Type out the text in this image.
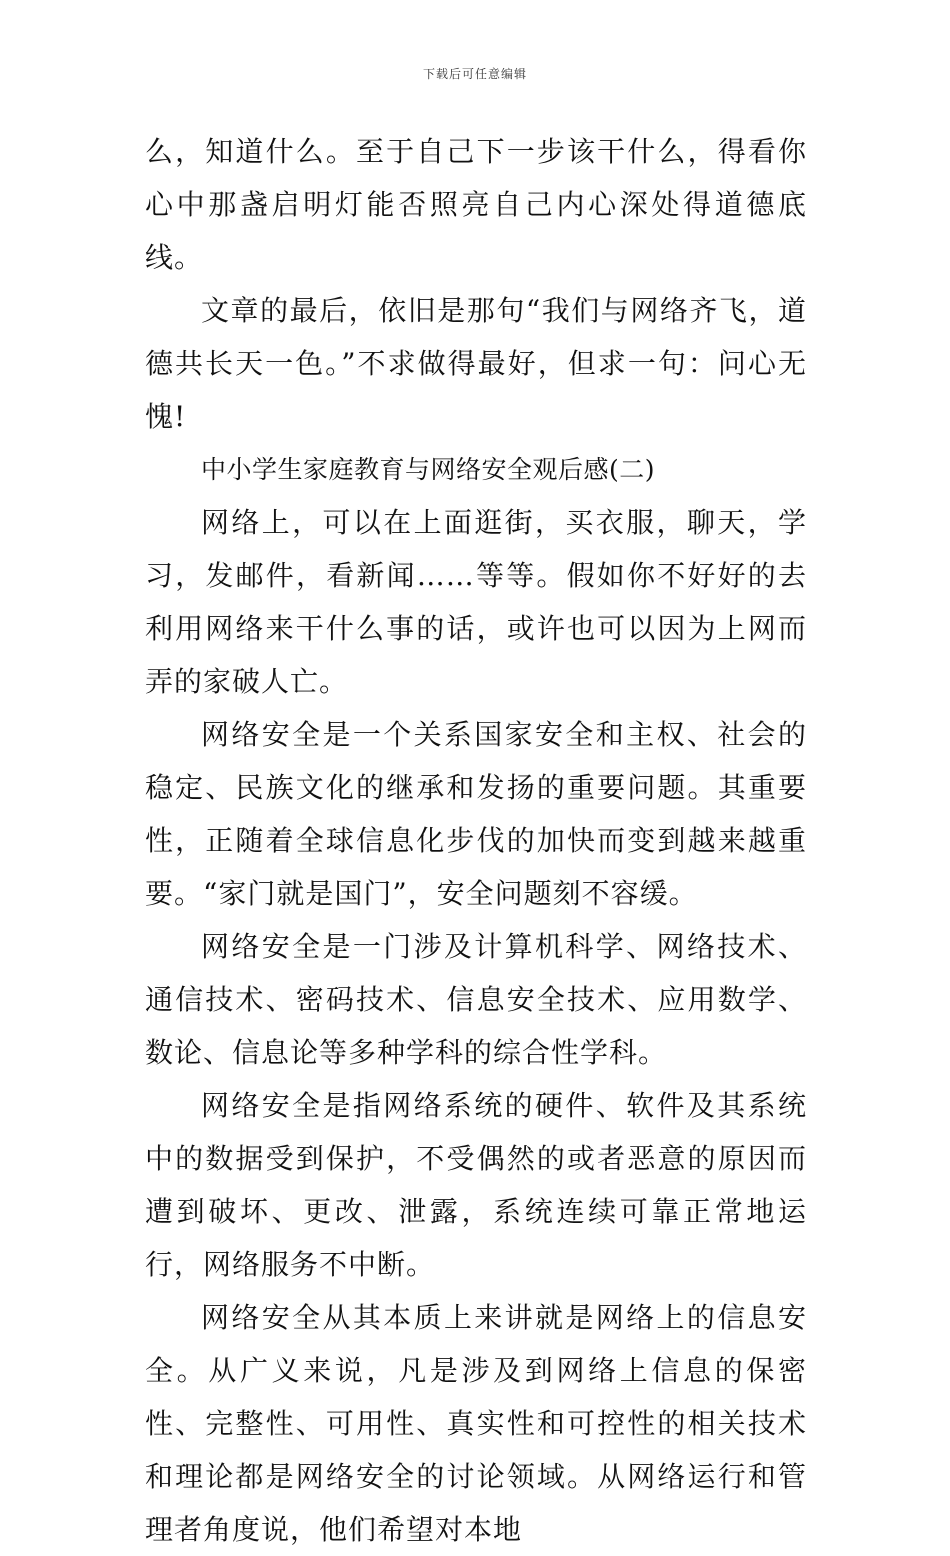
下载后可任意编辑

么，知道什么。至于自己下一步该干什么，得看你心中那盏启明灯能否照亮自己内心深处得道德底线。

文章的最后，依旧是那句“我们与网络齐飞，道德共长天一色。”不求做得最好，但求一句：问心无愧!

中小学生家庭教育与网络安全观后感(二)

网络上，可以在上面逛街，买衣服，聊天，学习，发邮件，看新闻……等等。假如你不好好的去利用网络来干什么事的话，或许也可以因为上网而弄的家破人亡。

网络安全是一个关系国家安全和主权、社会的稳定、民族文化的继承和发扬的重要问题。其重要性，正随着全球信息化步伐的加快而变到越来越重要。“家门就是国门”，安全问题刻不容缓。

网络安全是一门涉及计算机科学、网络技术、通信技术、密码技术、信息安全技术、应用数学、数论、信息论等多种学科的综合性学科。

网络安全是指网络系统的硬件、软件及其系统中的数据受到保护，不受偶然的或者恶意的原因而遭到破坏、更改、泄露，系统连续可靠正常地运行，网络服务不中断。

网络安全从其本质上来讲就是网络上的信息安全。从广义来说，凡是涉及到网络上信息的保密性、完整性、可用性、真实性和可控性的相关技术和理论都是网络安全的讨论领域。从网络运行和管理者角度说，他们希望对本地
